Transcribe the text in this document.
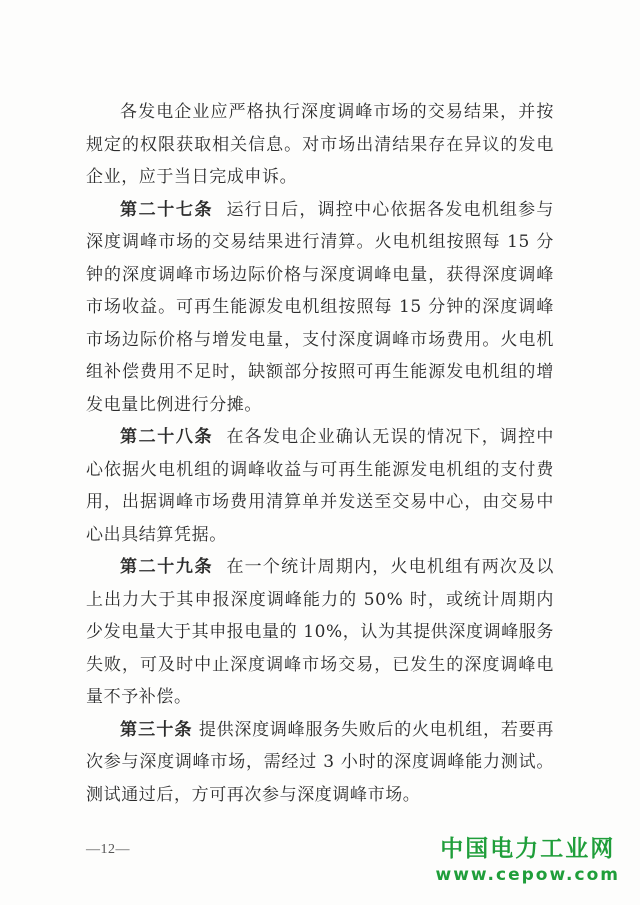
各发电企业应严格执行深度调峰市场的交易结果，并按规定的权限获取相关信息。对市场出清结果存在异议的发电企业，应于当日完成申诉。

第二十七条 运行日后，调控中心依据各发电机组参与深度调峰市场的交易结果进行清算。火电机组按照每 15 分钟的深度调峰市场边际价格与深度调峰电量，获得深度调峰市场收益。可再生能源发电机组按照每 15 分钟的深度调峰市场边际价格与增发电量，支付深度调峰市场费用。火电机组补偿费用不足时，缺额部分按照可再生能源发电机组的增发电量比例进行分摊。

第二十八条 在各发电企业确认无误的情况下，调控中心依据火电机组的调峰收益与可再生能源发电机组的支付费用，出据调峰市场费用清算单并发送至交易中心，由交易中心出具结算凭据。

第二十九条 在一个统计周期内，火电机组有两次及以上出力大于其申报深度调峰能力的 50% 时，或统计周期内少发电量大于其申报电量的 10%，认为其提供深度调峰服务失败，可及时中止深度调峰市场交易，已发生的深度调峰电量不予补偿。

第三十条 提供深度调峰服务失败后的火电机组，若要再次参与深度调峰市场，需经过 3 小时的深度调峰能力测试。测试通过后，方可再次参与深度调峰市场。

—12—	中国电力工业网
www.cepow.com
